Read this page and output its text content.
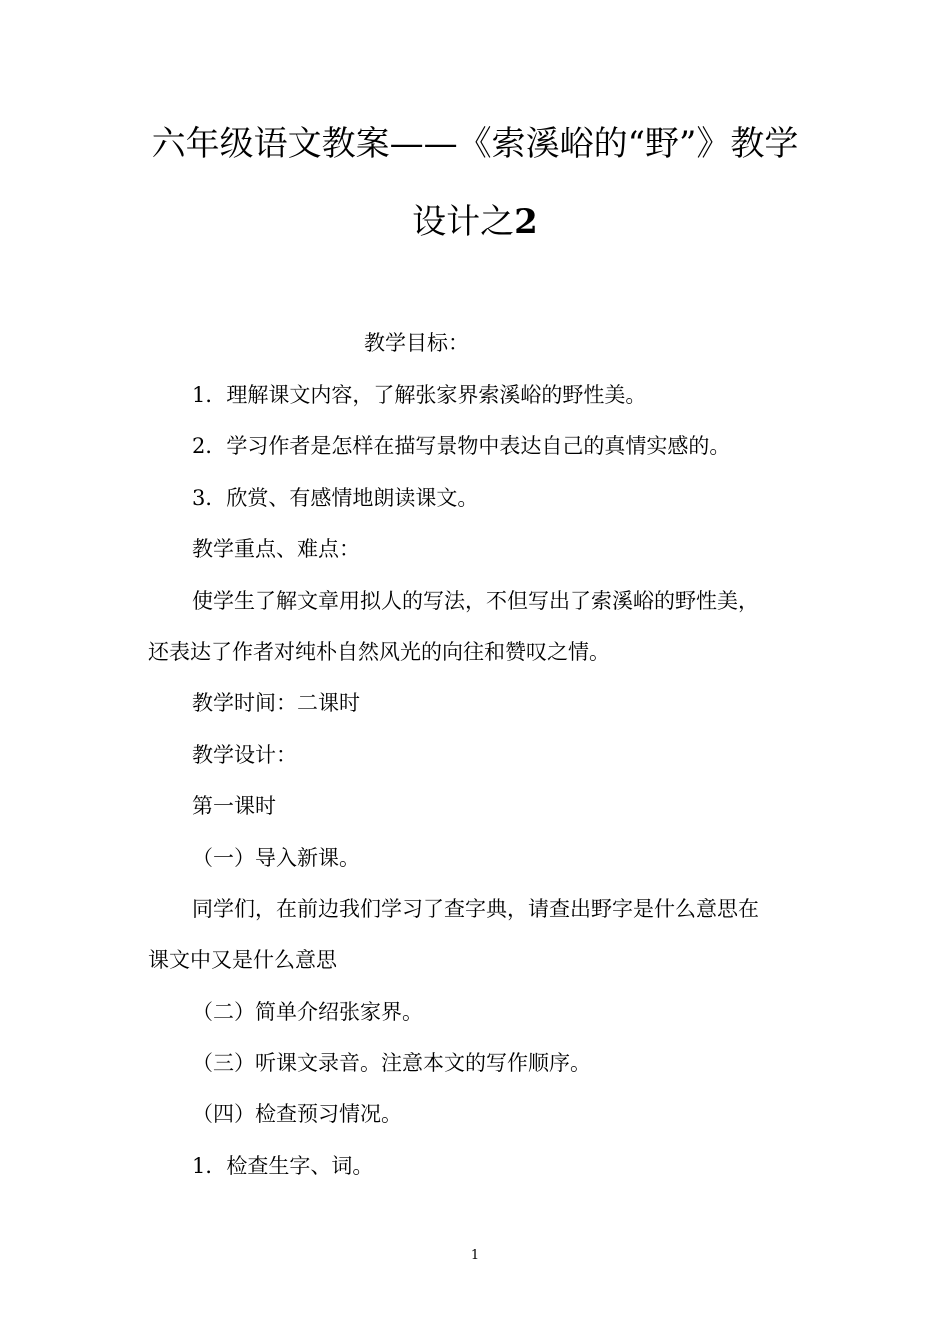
六年级语文教案——《索溪峪的“野”》教学
设计之2
教学目标：
1．理解课文内容，了解张家界索溪峪的野性美。
2．学习作者是怎样在描写景物中表达自己的真情实感的。
3．欣赏、有感情地朗读课文。
教学重点、难点：
使学生了解文章用拟人的写法，不但写出了索溪峪的野性美，
还表达了作者对纯朴自然风光的向往和赞叹之情。
教学时间：二课时
教学设计：
第一课时
（一）导入新课。
同学们，在前边我们学习了查字典，请查出野字是什么意思在
课文中又是什么意思
（二）简单介绍张家界。
（三）听课文录音。注意本文的写作顺序。
（四）检查预习情况。
1．检查生字、词。
1
